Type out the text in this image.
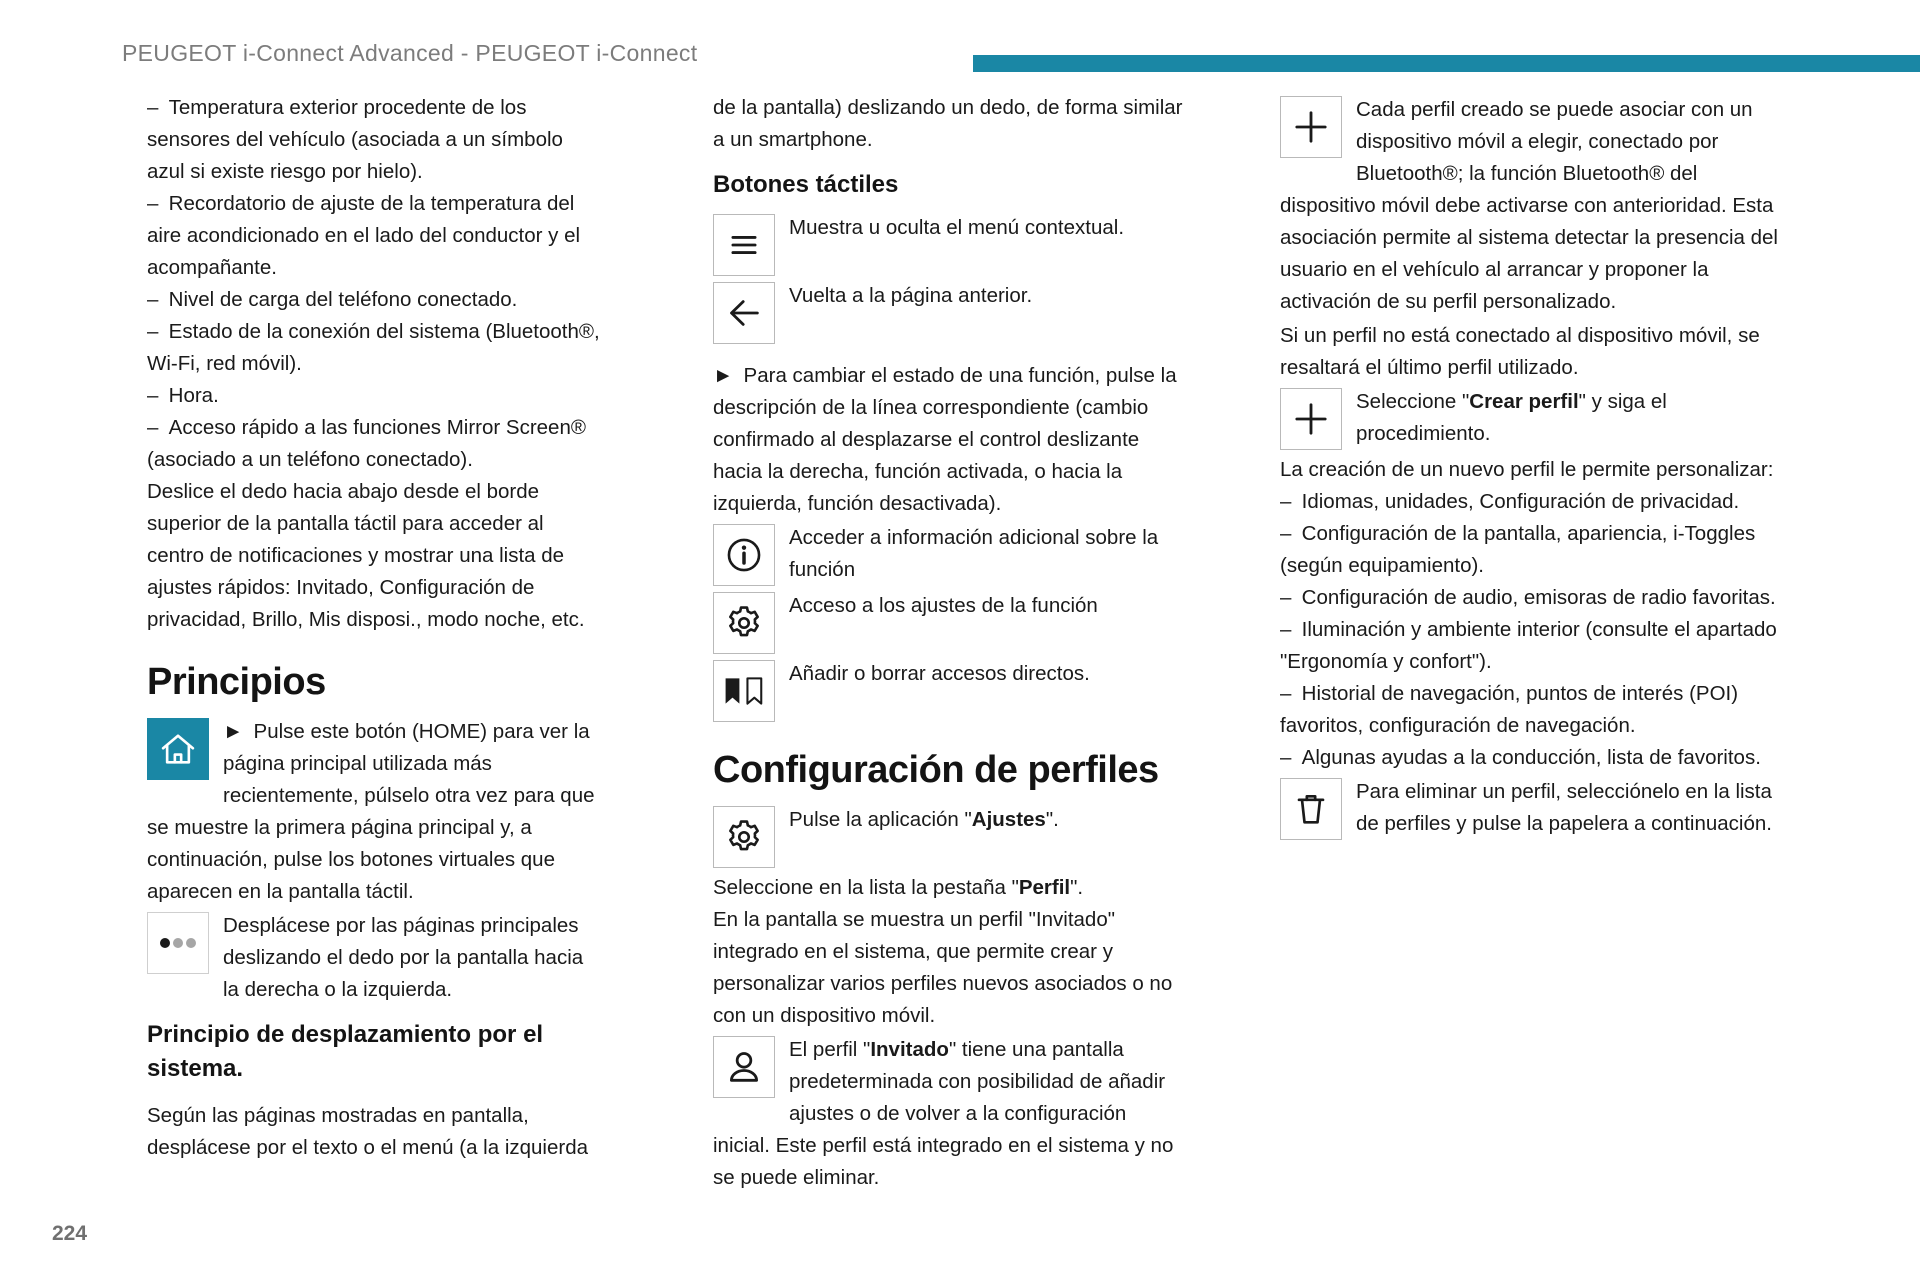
PEUGEOT i-Connect Advanced - PEUGEOT i-Connect

– Temperatura exterior procedente de los sensores del vehículo (asociada a un símbolo azul si existe riesgo por hielo).

– Recordatorio de ajuste de la temperatura del aire acondicionado en el lado del conductor y el acompañante.

– Nivel de carga del teléfono conectado.

– Estado de la conexión del sistema (Bluetooth®, Wi-Fi, red móvil).

– Hora.

– Acceso rápido a las funciones Mirror Screen® (asociado a un teléfono conectado).

Deslice el dedo hacia abajo desde el borde superior de la pantalla táctil para acceder al centro de notificaciones y mostrar una lista de ajustes rápidos: Invitado, Configuración de privacidad, Brillo, Mis disposi., modo noche, etc.

Principios
► Pulse este botón (HOME) para ver la página principal utilizada más recientemente, púlselo otra vez para que se muestre la primera página principal y, a continuación, pulse los botones virtuales que aparecen en la pantalla táctil.
Desplácese por las páginas principales deslizando el dedo por la pantalla hacia la derecha o la izquierda.
Principio de desplazamiento por el sistema.

Según las páginas mostradas en pantalla, desplácese por el texto o el menú (a la izquierda

de la pantalla) deslizando un dedo, de forma similar a un smartphone.

Botones táctiles
Muestra u oculta el menú contextual.
Vuelta a la página anterior.

► Para cambiar el estado de una función, pulse la descripción de la línea correspondiente (cambio confirmado al desplazarse el control deslizante hacia la derecha, función activada, o hacia la izquierda, función desactivada).

Acceder a información adicional sobre la función
Acceso a los ajustes de la función
Añadir o borrar accesos directos.
Configuración de perfiles
Pulse la aplicación "Ajustes".

Seleccione en la lista la pestaña "Perfil".

En la pantalla se muestra un perfil "Invitado" integrado en el sistema, que permite crear y personalizar varios perfiles nuevos asociados o no con un dispositivo móvil.

El perfil "Invitado" tiene una pantalla predeterminada con posibilidad de añadir ajustes o de volver a la configuración inicial. Este perfil está integrado en el sistema y no se puede eliminar.
Cada perfil creado se puede asociar con un dispositivo móvil a elegir, conectado por Bluetooth®; la función Bluetooth® del dispositivo móvil debe activarse con anterioridad. Esta asociación permite al sistema detectar la presencia del usuario en el vehículo al arrancar y proponer la activación de su perfil personalizado.

Si un perfil no está conectado al dispositivo móvil, se resaltará el último perfil utilizado.

Seleccione "Crear perfil" y siga el procedimiento.

La creación de un nuevo perfil le permite personalizar:

– Idiomas, unidades, Configuración de privacidad.

– Configuración de la pantalla, apariencia, i-Toggles (según equipamiento).

– Configuración de audio, emisoras de radio favoritas.

– Iluminación y ambiente interior (consulte el apartado "Ergonomía y confort").

– Historial de navegación, puntos de interés (POI) favoritos, configuración de navegación.

– Algunas ayudas a la conducción, lista de favoritos.

Para eliminar un perfil, selecciónelo en la lista de perfiles y pulse la papelera a continuación.
224
